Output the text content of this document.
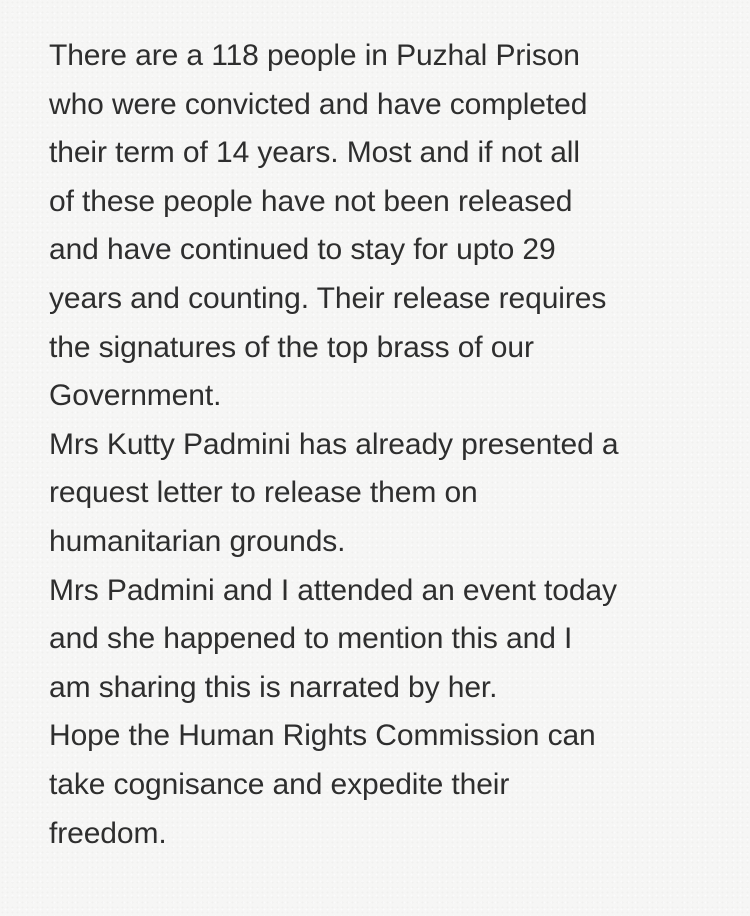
There are a 118 people in Puzhal Prison
who were convicted and have completed
their term of 14 years. Most and if not all
of these people have not been released
and have continued to stay for upto 29
years and counting. Their release requires
the signatures of the top brass of our
Government.
Mrs Kutty Padmini has already presented a
request letter to release them on
humanitarian grounds.
Mrs Padmini and I attended an event today
and she happened to mention this and I
am sharing this is narrated by her.
Hope the Human Rights Commission can
take cognisance and expedite their
freedom.
